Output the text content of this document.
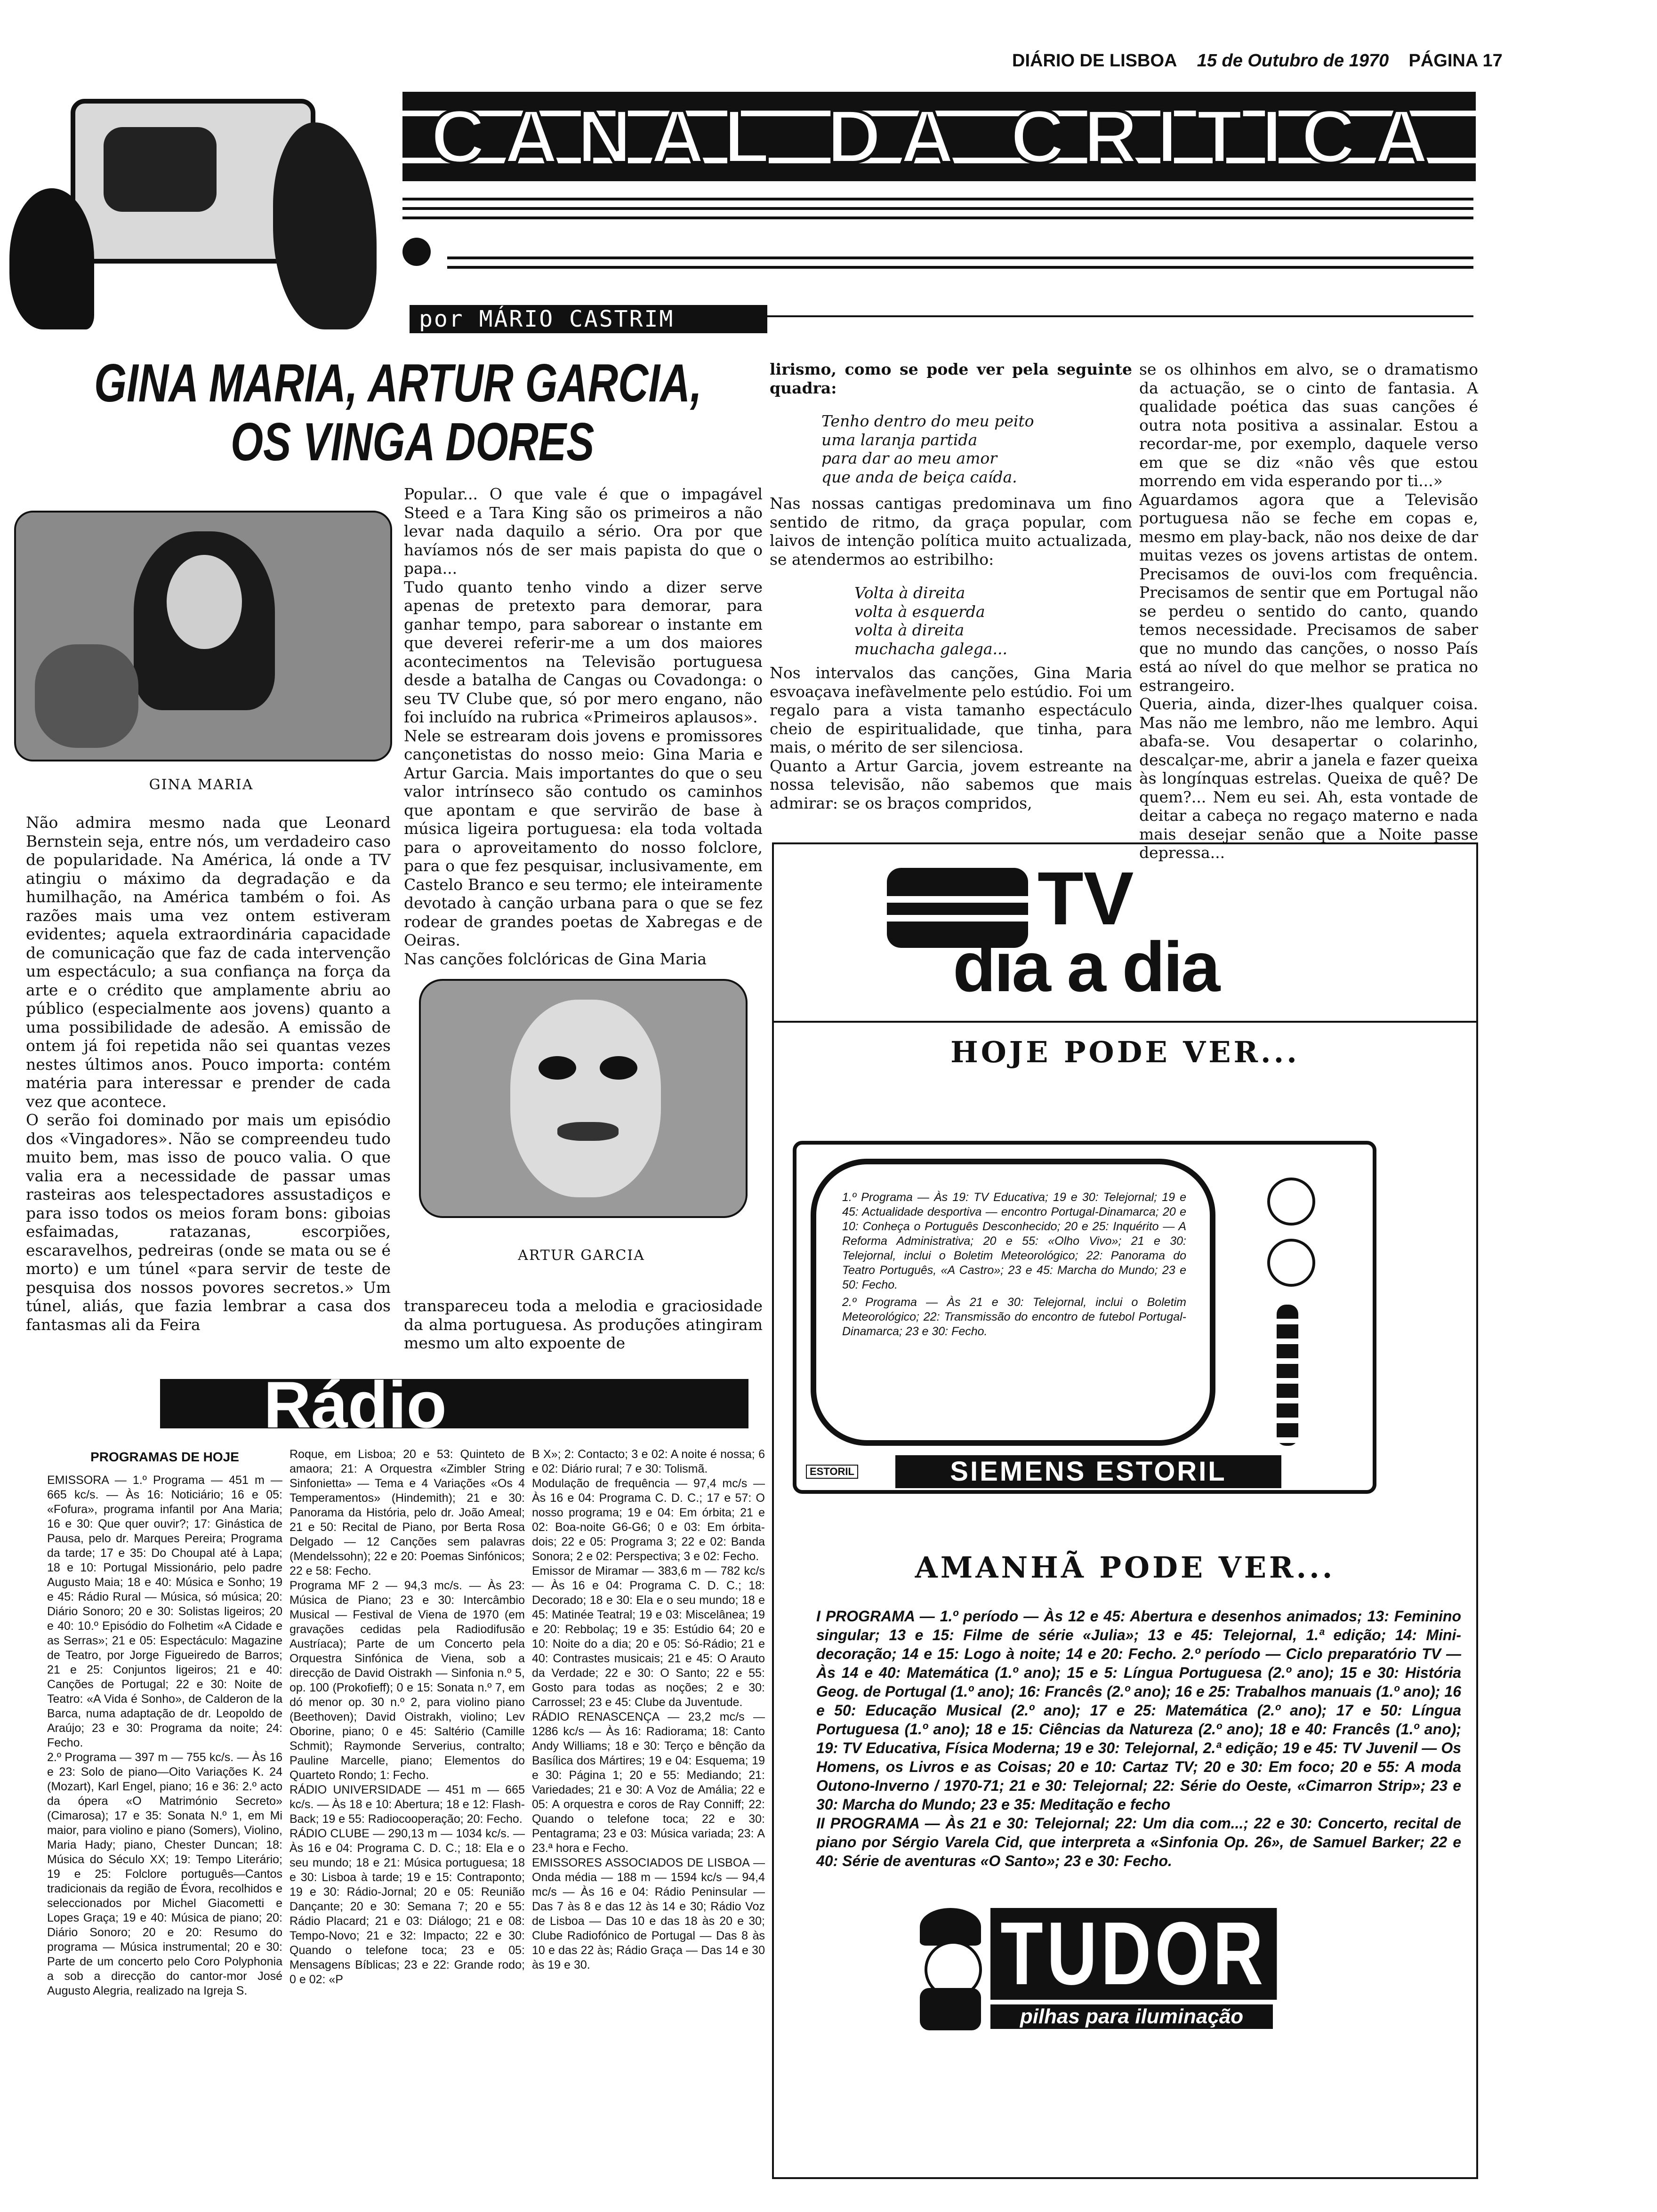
DIÁRIO DE LISBOA 15 de Outubro de 1970 PÁGINA 17
CANAL DA CRITICA
por MÁRIO CASTRIM
GINA MARIA, ARTUR GARCIA,
OS VINGA DORES
GINA MARIA
Não admira mesmo nada que Leonard Bernstein seja, entre nós, um verdadeiro caso de popularidade. Na América, lá onde a TV atingiu o máximo da degradação e da humilhação, na América também o foi. As razões mais uma vez ontem estiveram evidentes; aquela extraordinária capacidade de comunicação que faz de cada intervenção um espectáculo; a sua confiança na força da arte e o crédito que amplamente abriu ao público (especialmente aos jovens) quanto a uma possibilidade de adesão. A emissão de ontem já foi repetida não sei quantas vezes nestes últimos anos. Pouco importa: contém matéria para interessar e prender de cada vez que acontece.
O serão foi dominado por mais um episódio dos «Vingadores». Não se compreendeu tudo muito bem, mas isso de pouco valia. O que valia era a necessidade de passar umas rasteiras aos telespectadores assustadiços e para isso todos os meios foram bons: giboias esfaimadas, ratazanas, escorpiões, escaravelhos, pedreiras (onde se mata ou se é morto) e um túnel «para servir de teste de pesquisa dos nossos povores secretos.» Um túnel, aliás, que fazia lembrar a casa dos fantasmas ali da Feira
Popular... O que vale é que o impagável Steed e a Tara King são os primeiros a não levar nada daquilo a sério. Ora por que havíamos nós de ser mais papista do que o papa...
Tudo quanto tenho vindo a dizer serve apenas de pretexto para demorar, para ganhar tempo, para saborear o instante em que deverei referir-me a um dos maiores acontecimentos na Televisão portuguesa desde a batalha de Cangas ou Covadonga: o seu TV Clube que, só por mero engano, não foi incluído na rubrica «Primeiros aplausos».
Nele se estrearam dois jovens e promissores cançonetistas do nosso meio: Gina Maria e Artur Garcia. Mais importantes do que o seu valor intrínseco são contudo os caminhos que apontam e que servirão de base à música ligeira portuguesa: ela toda voltada para o aproveitamento do nosso folclore, para o que fez pesquisar, inclusivamente, em Castelo Branco e seu termo; ele inteiramente devotado à canção urbana para o que se fez rodear de grandes poetas de Xabregas e de Oeiras.
Nas canções folclóricas de Gina Maria
ARTUR GARCIA
transpareceu toda a melodia e graciosidade da alma portuguesa. As produções atingiram mesmo um alto expoente de
lirismo, como se pode ver pela seguinte quadra:
Tenho dentro do meu peito
uma laranja partida
para dar ao meu amor
que anda de beiça caída.
Nas nossas cantigas predominava um fino sentido de ritmo, da graça popular, com laivos de intenção política muito actualizada, se atendermos ao estribilho:
Volta à direita
volta à esquerda
volta à direita
muchacha galega...
Nos intervalos das canções, Gina Maria esvoaçava inefàvelmente pelo estúdio. Foi um regalo para a vista tamanho espectáculo cheio de espiritualidade, que tinha, para mais, o mérito de ser silenciosa.
Quanto a Artur Garcia, jovem estreante na nossa televisão, não sabemos que mais admirar: se os braços compridos,
se os olhinhos em alvo, se o dramatismo da actuação, se o cinto de fantasia. A qualidade poética das suas canções é outra nota positiva a assinalar. Estou a recordar-me, por exemplo, daquele verso em que se diz «não vês que estou morrendo em vida esperando por ti...»
Aguardamos agora que a Televisão portuguesa não se feche em copas e, mesmo em play-back, não nos deixe de dar muitas vezes os jovens artistas de ontem. Precisamos de ouvi-los com frequência. Precisamos de sentir que em Portugal não se perdeu o sentido do canto, quando temos necessidade. Precisamos de saber que no mundo das canções, o nosso País está ao nível do que melhor se pratica no estrangeiro.
Queria, ainda, dizer-lhes qualquer coisa. Mas não me lembro, não me lembro. Aqui abafa-se. Vou desapertar o colarinho, descalçar-me, abrir a janela e fazer queixa às longínquas estrelas. Queixa de quê? De quem?... Nem eu sei. Ah, esta vontade de deitar a cabeça no regaço materno e nada mais desejar senão que a Noite passe depressa...
TV
dia a dia
HOJE PODE VER...
1.º Programa — Às 19: TV Educativa; 19 e 30: Telejornal; 19 e 45: Actualidade desportiva — encontro Portugal-Dinamarca; 20 e 10: Conheça o Português Desconhecido; 20 e 25: Inquérito — A Reforma Administrativa; 20 e 55: «Olho Vivo»; 21 e 30: Telejornal, inclui o Boletim Meteorológico; 22: Panorama do Teatro Português, «A Castro»; 23 e 45: Marcha do Mundo; 23 e 50: Fecho.
2.º Programa — Às 21 e 30: Telejornal, inclui o Boletim Meteorológico; 22: Transmissão do encontro de futebol Portugal-Dinamarca; 23 e 30: Fecho.
ESTORIL	SIEMENS ESTORIL
AMANHÃ PODE VER...
I PROGRAMA — 1.º período — Às 12 e 45: Abertura e desenhos animados; 13: Feminino singular; 13 e 15: Filme de série «Julia»; 13 e 45: Telejornal, 1.ª edição; 14: Mini-decoração; 14 e 15: Logo à noite; 14 e 20: Fecho. 2.º período — Ciclo preparatório TV — Às 14 e 40: Matemática (1.º ano); 15 e 5: Língua Portuguesa (2.º ano); 15 e 30: História Geog. de Portugal (1.º ano); 16: Francês (2.º ano); 16 e 25: Trabalhos manuais (1.º ano); 16 e 50: Educação Musical (2.º ano); 17 e 25: Matemática (2.º ano); 17 e 50: Língua Portuguesa (1.º ano); 18 e 15: Ciências da Natureza (2.º ano); 18 e 40: Francês (1.º ano); 19: TV Educativa, Física Moderna; 19 e 30: Telejornal, 2.ª edição; 19 e 45: TV Juvenil — Os Homens, os Livros e as Coisas; 20 e 10: Cartaz TV; 20 e 30: Em foco; 20 e 55: A moda Outono-Inverno / 1970-71; 21 e 30: Telejornal; 22: Série do Oeste, «Cimarron Strip»; 23 e 30: Marcha do Mundo; 23 e 35: Meditação e fecho
II PROGRAMA — Às 21 e 30: Telejornal; 22: Um dia com...; 22 e 30: Concerto, recital de piano por Sérgio Varela Cid, que interpreta a «Sinfonia Op. 26», de Samuel Barker; 22 e 40: Série de aventuras «O Santo»; 23 e 30: Fecho.
TUDOR
pilhas para iluminação
Rádio
PROGRAMAS DE HOJE
EMISSORA — 1.º Programa — 451 m — 665 kc/s. — Às 16: Noticiário; 16 e 05: «Fofura», programa infantil por Ana Maria; 16 e 30: Que quer ouvir?; 17: Ginástica de Pausa, pelo dr. Marques Pereira; Programa da tarde; 17 e 35: Do Choupal até à Lapa; 18 e 10: Portugal Missionário, pelo padre Augusto Maia; 18 e 40: Música e Sonho; 19 e 45: Rádio Rural — Música, só música; 20: Diário Sonoro; 20 e 30: Solistas ligeiros; 20 e 40: 10.º Episódio do Folhetim «A Cidade e as Serras»; 21 e 05: Espectáculo: Magazine de Teatro, por Jorge Figueiredo de Barros; 21 e 25: Conjuntos ligeiros; 21 e 40: Canções de Portugal; 22 e 30: Noite de Teatro: «A Vida é Sonho», de Calderon de la Barca, numa adaptação de dr. Leopoldo de Araújo; 23 e 30: Programa da noite; 24: Fecho.
2.º Programa — 397 m — 755 kc/s. — Às 16 e 23: Solo de piano—Oito Variações K. 24 (Mozart), Karl Engel, piano; 16 e 36: 2.º acto da ópera «O Matrimónio Secreto» (Cimarosa); 17 e 35: Sonata N.º 1, em Mi maior, para violino e piano (Somers), Violino, Maria Hady; piano, Chester Duncan; 18: Música do Século XX; 19: Tempo Literário; 19 e 25: Folclore português—Cantos tradicionais da região de Évora, recolhidos e seleccionados por Michel Giacometti e Lopes Graça; 19 e 40: Música de piano; 20: Diário Sonoro; 20 e 20: Resumo do programa — Música instrumental; 20 e 30: Parte de um concerto pelo Coro Polyphonia a sob a direcção do cantor-mor José Augusto Alegria, realizado na Igreja S.
Roque, em Lisboa; 20 e 53: Quinteto de amaora; 21: A Orquestra «Zimbler String Sinfonietta» — Tema e 4 Variações «Os 4 Temperamentos» (Hindemith); 21 e 30: Panorama da História, pelo dr. João Ameal; 21 e 50: Recital de Piano, por Berta Rosa Delgado — 12 Canções sem palavras (Mendelssohn); 22 e 20: Poemas Sinfónicos; 22 e 58: Fecho.
Programa MF 2 — 94,3 mc/s. — Às 23: Música de Piano; 23 e 30: Intercâmbio Musical — Festival de Viena de 1970 (em gravações cedidas pela Radiodifusão Austríaca); Parte de um Concerto pela Orquestra Sinfónica de Viena, sob a direcção de David Oistrakh — Sinfonia n.º 5, op. 100 (Prokofieff); 0 e 15: Sonata n.º 7, em dó menor op. 30 n.º 2, para violino piano (Beethoven); David Oistrakh, violino; Lev Oborine, piano; 0 e 45: Saltério (Camille Schmit); Raymonde Serverius, contralto; Pauline Marcelle, piano; Elementos do Quarteto Rondo; 1: Fecho.
RÁDIO UNIVERSIDADE — 451 m — 665 kc/s. — Às 18 e 10: Abertura; 18 e 12: Flash-Back; 19 e 55: Radiocooperação; 20: Fecho.
RÁDIO CLUBE — 290,13 m — 1034 kc/s. — Às 16 e 04: Programa C. D. C.; 18: Ela e o seu mundo; 18 e 21: Música portuguesa; 18 e 30: Lisboa à tarde; 19 e 15: Contraponto; 19 e 30: Rádio-Jornal; 20 e 05: Reunião Dançante; 20 e 30: Semana 7; 20 e 55: Rádio Placard; 21 e 03: Diálogo; 21 e 08: Tempo-Novo; 21 e 32: Impacto; 22 e 30: Quando o telefone toca; 23 e 05: Mensagens Bíblicas; 23 e 22: Grande rodo; 0 e 02: «P
B X»; 2: Contacto; 3 e 02: A noite é nossa; 6 e 02: Diário rural; 7 e 30: Tolismã.
Modulação de frequência — 97,4 mc/s — Às 16 e 04: Programa C. D. C.; 17 e 57: O nosso programa; 19 e 04: Em órbita; 21 e 02: Boa-noite G6-G6; 0 e 03: Em órbita-dois; 22 e 05: Programa 3; 22 e 02: Banda Sonora; 2 e 02: Perspectiva; 3 e 02: Fecho.
Emissor de Miramar — 383,6 m — 782 kc/s — Às 16 e 04: Programa C. D. C.; 18: Decorado; 18 e 30: Ela e o seu mundo; 18 e 45: Matinée Teatral; 19 e 03: Miscelânea; 19 e 20: Rebbolaç; 19 e 35: Estúdio 64; 20 e 10: Noite do a dia; 20 e 05: Só-Rádio; 21 e 40: Contrastes musicais; 21 e 45: O Arauto da Verdade; 22 e 30: O Santo; 22 e 55: Gosto para todas as noções; 2 e 30: Carrossel; 23 e 45: Clube da Juventude.
RÁDIO RENASCENÇA — 23,2 mc/s — 1286 kc/s — Às 16: Radiorama; 18: Canto Andy Williams; 18 e 30: Terço e bênção da Basílica dos Mártires; 19 e 04: Esquema; 19 e 30: Página 1; 20 e 55: Mediando; 21: Variedades; 21 e 30: A Voz de Amália; 22 e 05: A orquestra e coros de Ray Conniff; 22: Quando o telefone toca; 22 e 30: Pentagrama; 23 e 03: Música variada; 23: A 23.ª hora e Fecho.
EMISSORES ASSOCIADOS DE LISBOA — Onda média — 188 m — 1594 kc/s — 94,4 mc/s — Às 16 e 04: Rádio Peninsular — Das 7 às 8 e das 12 às 14 e 30; Rádio Voz de Lisboa — Das 10 e das 18 às 20 e 30; Clube Radiofónico de Portugal — Das 8 às 10 e das 22 às; Rádio Graça — Das 14 e 30 às 19 e 30.
